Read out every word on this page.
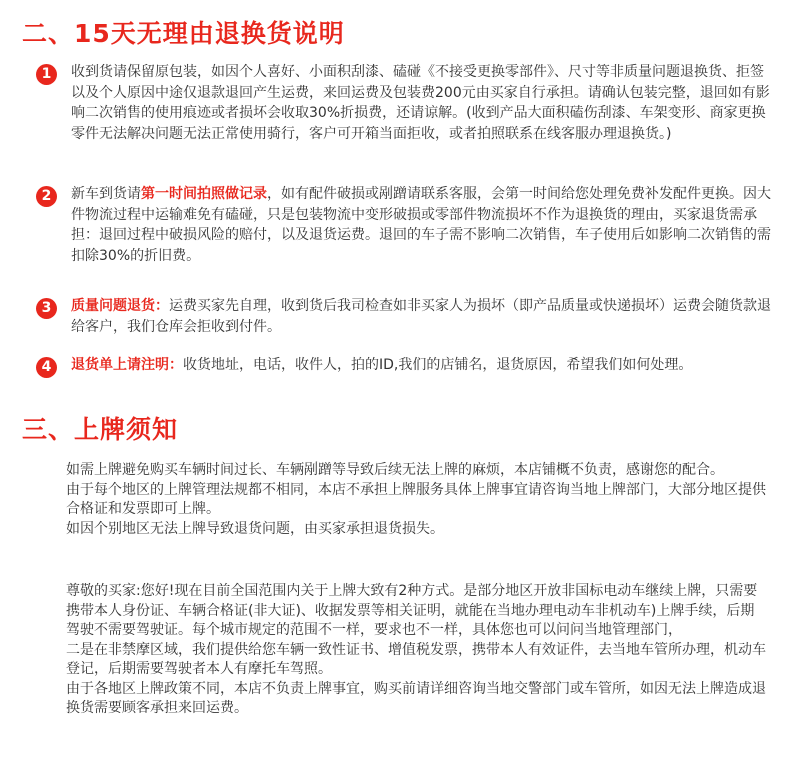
二、15天无理由退换货说明
1	收到货请保留原包装，如因个人喜好、小面积刮漆、磕碰《不接受更换零部件》、尺寸等非质量问题退换货、拒签以及个人原因中途仅退款退回产生运费，来回运费及包装费200元由买家自行承担。请确认包装完整，退回如有影响二次销售的使用痕迹或者损坏会收取30%折损费，还请谅解。(收到产品大面积磕伤刮漆、车架变形、商家更换零件无法解决问题无法正常使用骑行，客户可开箱当面拒收，或者拍照联系在线客服办理退换货。)
2	新车到货请第一时间拍照做记录，如有配件破损或剐蹭请联系客服，会第一时间给您处理免费补发配件更换。因大件物流过程中运输难免有磕碰，只是包装物流中变形破损或零部件物流损坏不作为退换货的理由，买家退货需承担：退回过程中破损风险的赔付，以及退货运费。退回的车子需不影响二次销售，车子使用后如影响二次销售的需扣除30%的折旧费。
3	质量问题退货：运费买家先自理，收到货后我司检查如非买家人为损坏（即产品质量或快递损坏）运费会随货款退给客户，我们仓库会拒收到付件。
4	退货单上请注明：收货地址，电话，收件人，拍的ID,我们的店铺名，退货原因，希望我们如何处理。
三、上牌须知
如需上牌避免购买车辆时间过长、车辆剐蹭等导致后续无法上牌的麻烦，本店铺概不负责，感谢您的配合。
由于每个地区的上牌管理法规都不相同，本店不承担上牌服务具体上牌事宜请咨询当地上牌部门，大部分地区提供合格证和发票即可上牌。
如因个别地区无法上牌导致退货问题，由买家承担退货损失。
尊敬的买家:您好!现在目前全国范围内关于上牌大致有2种方式。是部分地区开放非国标电动车继续上牌，只需要携带本人身份证、车辆合格证(非大证)、收据发票等相关证明，就能在当地办理电动车非机动车)上牌手续，后期驾驶不需要驾驶证。每个城市规定的范围不一样，要求也不一样，具体您也可以问问当地管理部门，
二是在非禁摩区域，我们提供给您车辆一致性证书、增值税发票，携带本人有效证件，去当地车管所办理，机动车登记，后期需要驾驶者本人有摩托车驾照。
由于各地区上牌政策不同，本店不负责上牌事宜，购买前请详细咨询当地交警部门或车管所，如因无法上牌造成退换货需要顾客承担来回运费。
